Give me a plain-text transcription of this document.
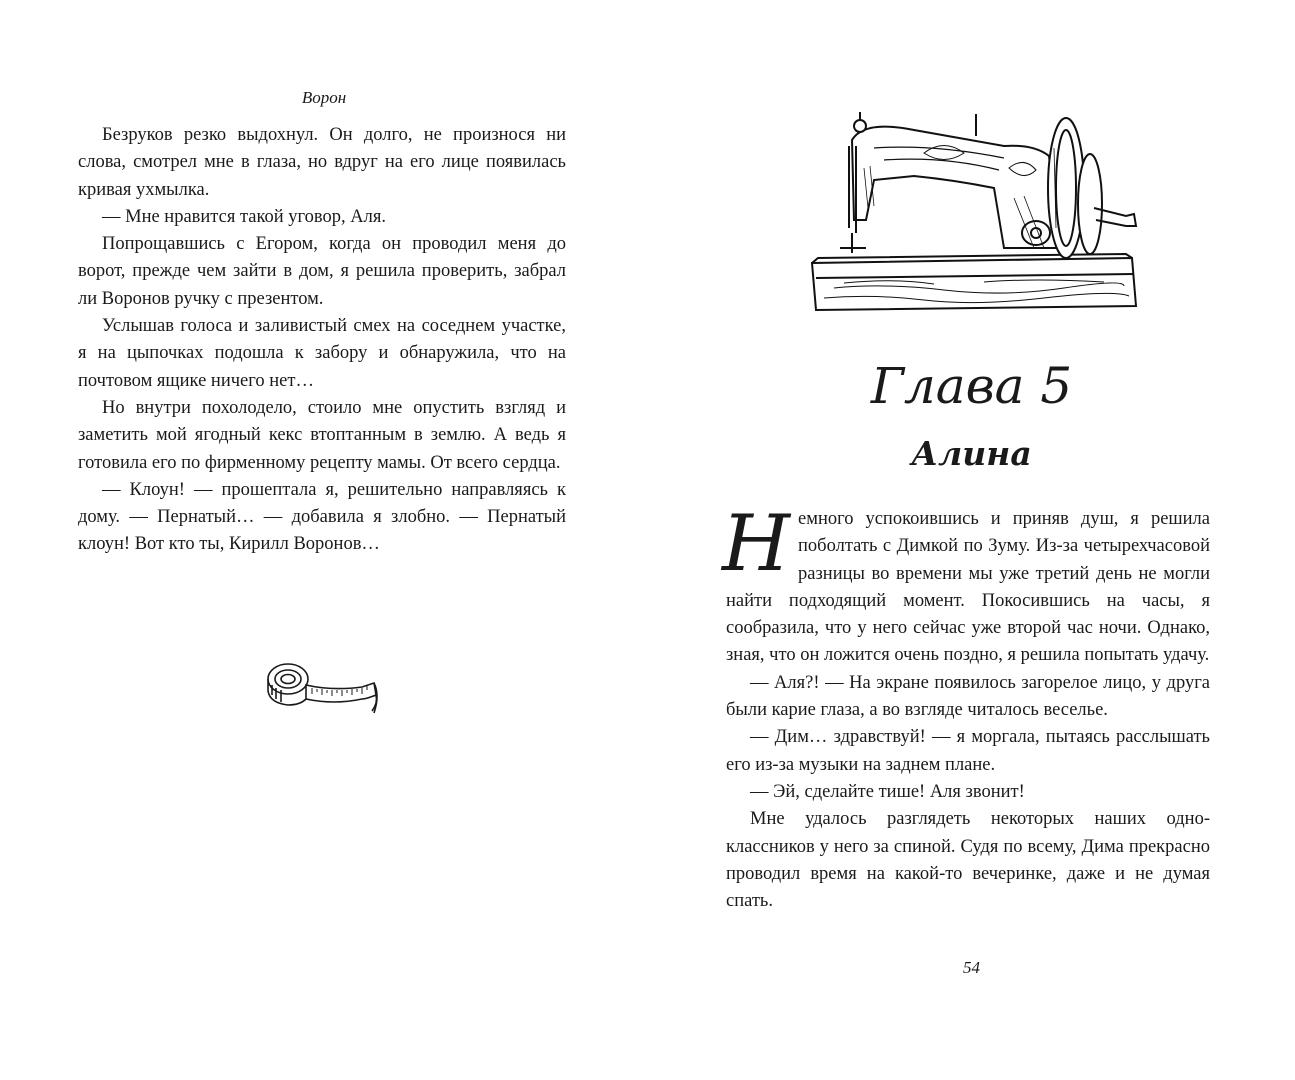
Ворон

Безруков резко выдохнул. Он долго, не произнося ни слова, смотрел мне в глаза, но вдруг на его лице появилась кривая ухмылка.

— Мне нравится такой уговор, Аля.

Попрощавшись с Егором, когда он проводил меня до ворот, прежде чем зайти в дом, я решила проверить, забрал ли Воронов ручку с презентом.

Услышав голоса и заливистый смех на соседнем участке, я на цыпочках подошла к забору и обнаружила, что на почтовом ящике ничего нет…

Но внутри похолодело, стоило мне опустить взгляд и заметить мой ягодный кекс втоптанным в землю. А ведь я готовила его по фирменному рецепту мамы. От всего сердца.

— Клоун! — прошептала я, решительно направляясь к дому. — Пернатый… — добавила я злобно. — Пернатый клоун! Вот кто ты, Кирилл Воронов…

Глава 5
Алина

Немного успокоившись и приняв душ, я решила поболтать с Димкой по Зуму. Из-за четырехчасовой разницы во времени мы уже третий день не могли найти подходящий момент. Покосившись на часы, я сообразила, что у него сейчас уже второй час ночи. Однако, зная, что он ложится очень поздно, я решила попытать удачу.

— Аля?! — На экране появилось загорелое лицо, у друга были карие глаза, а во взгляде читалось веселье.

— Дим… здравствуй! — я моргала, пытаясь расслышать его из-за музыки на заднем плане.

— Эй, сделайте тише! Аля звонит!

Мне удалось разглядеть некоторых наших одноклассников у него за спиной. Судя по всему, Дима прекрасно проводил время на какой-то вечеринке, даже и не думая спать.

54
